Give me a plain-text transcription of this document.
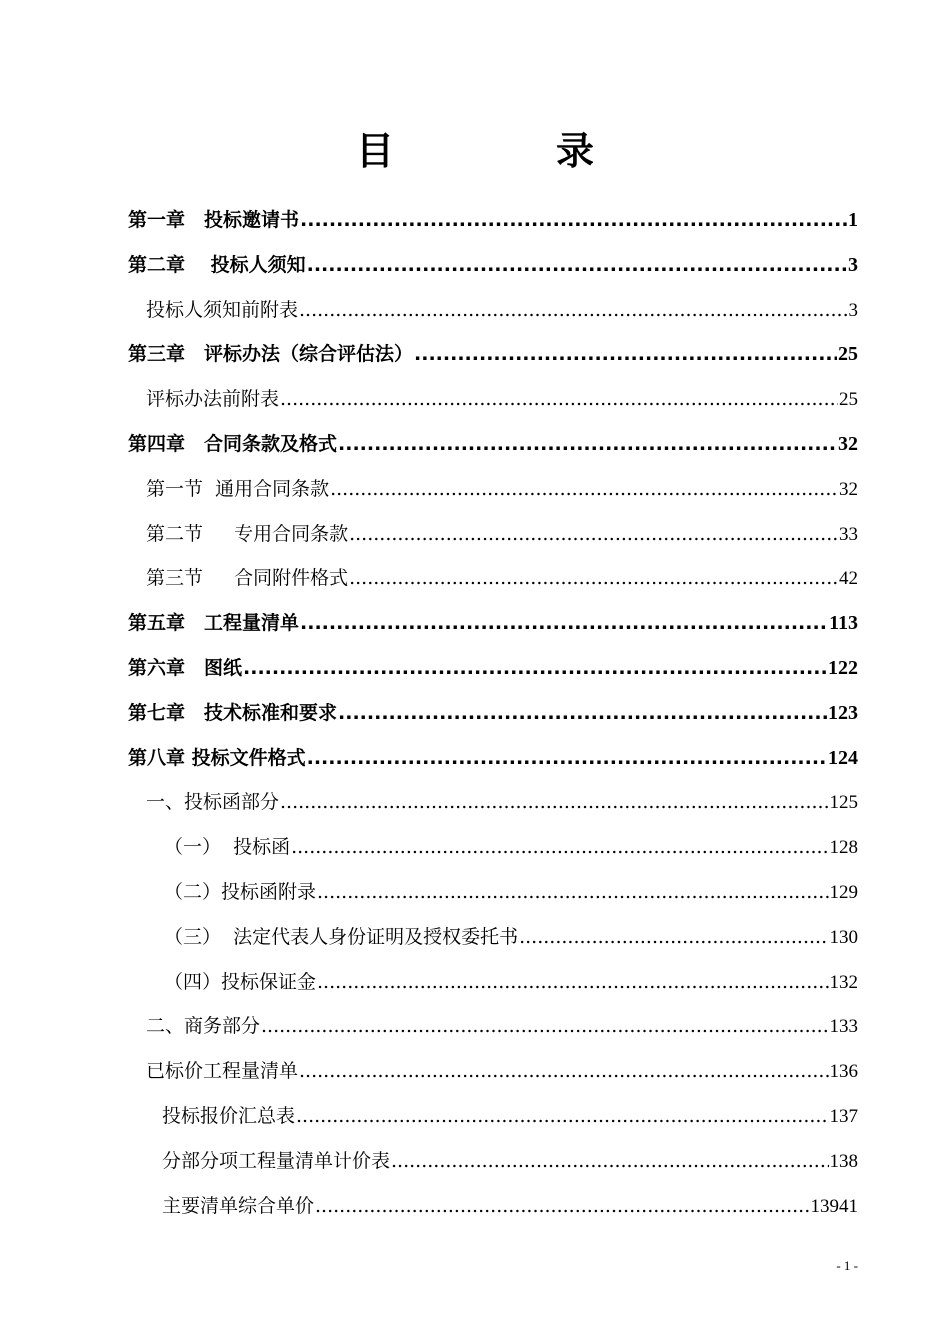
目　录
第一章　投标邀请书 .....	1
第二章　 投标人须知 .....	3
投标人须知前附表 .....	3
第三章　评标办法（综合评估法） .....	25
评标办法前附表 .....	25
第四章　合同条款及格式 .....	32
第一节  通用合同条款 .....	32
第二节　  专用合同条款 .....	33
第三节　  合同附件格式 .....	42
第五章　工程量清单 .....	113
第六章　图纸 .....	122
第七章　技术标准和要求 .....	123
第八章 投标文件格式 .....	124
一、投标函部分 .....	125
（一）  投标函 .....	128
（二）投标函附录 .....	129
（三）  法定代表人身份证明及授权委托书 .....	130
（四）投标保证金 .....	132
二、商务部分 .....	133
已标价工程量清单 .....	136
投标报价汇总表 .....	137
分部分项工程量清单计价表 .....	138
主要清单综合单价 .....	13941
- 1 -
